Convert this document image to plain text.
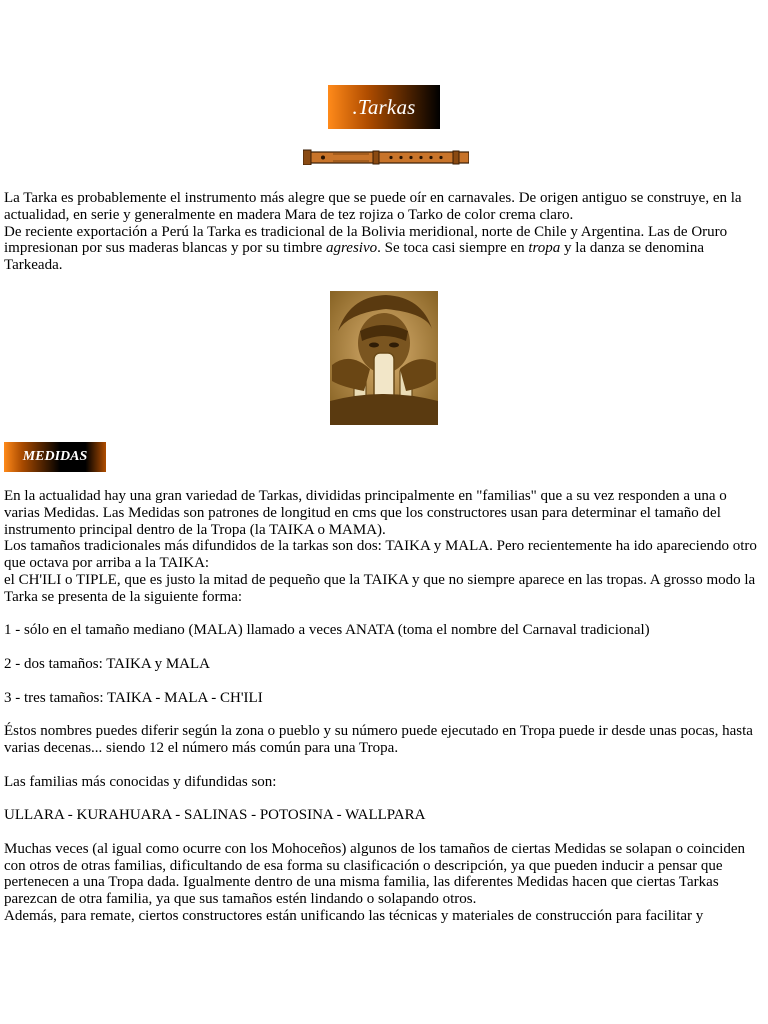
. Tarkas

La Tarka es probablemente el instrumento más alegre que se puede oír en carnavales. De origen antiguo se construye, en la actualidad, en serie y generalmente en madera Mara de tez rojiza o Tarko de color crema claro.

De reciente exportación a Perú la Tarka es tradicional de la Bolivia meridional, norte de Chile y Argentina. Las de Oruro impresionan por sus maderas blancas y por su timbre agresivo. Se toca casi siempre en tropa y la danza se denomina Tarkeada.

MEDIDAS

En la actualidad hay una gran variedad de Tarkas, divididas principalmente en "familias" que a su vez responden a una o varias Medidas. Las Medidas son patrones de longitud en cms que los constructores usan para determinar el tamaño del instrumento principal dentro de la Tropa (la TAIKA o MAMA).

Los tamaños tradicionales más difundidos de la tarkas son dos: TAIKA y MALA. Pero recientemente ha ido apareciendo otro que octava por arriba a la TAIKA:

el CH'ILI o TIPLE, que es justo la mitad de pequeño que la TAIKA y que no siempre aparece en las tropas. A grosso modo la Tarka se presenta de la siguiente forma:

1 - sólo en el tamaño mediano (MALA) llamado a veces ANATA (toma el nombre del Carnaval tradicional)

2 - dos tamaños: TAIKA y MALA

3 - tres tamaños: TAIKA - MALA - CH'ILI

Éstos nombres puedes diferir según la zona o pueblo y su número puede ejecutado en Tropa puede ir desde unas pocas, hasta varias decenas... siendo 12 el número más común para una Tropa.

Las familias más conocidas y difundidas son:

ULLARA - KURAHUARA - SALINAS - POTOSINA - WALLPARA

Muchas veces (al igual como ocurre con los Mohoceños) algunos de los tamaños de ciertas Medidas se solapan o coinciden con otros de otras familias, dificultando de esa forma su clasificación o descripción, ya que pueden inducir a pensar que pertenecen a una Tropa dada. Igualmente dentro de una misma familia, las diferentes Medidas hacen que ciertas Tarkas parezcan de otra familia, ya que sus tamaños estén lindando o solapando otros.

Además, para remate, ciertos constructores están unificando las técnicas y materiales de construcción para facilitar y
